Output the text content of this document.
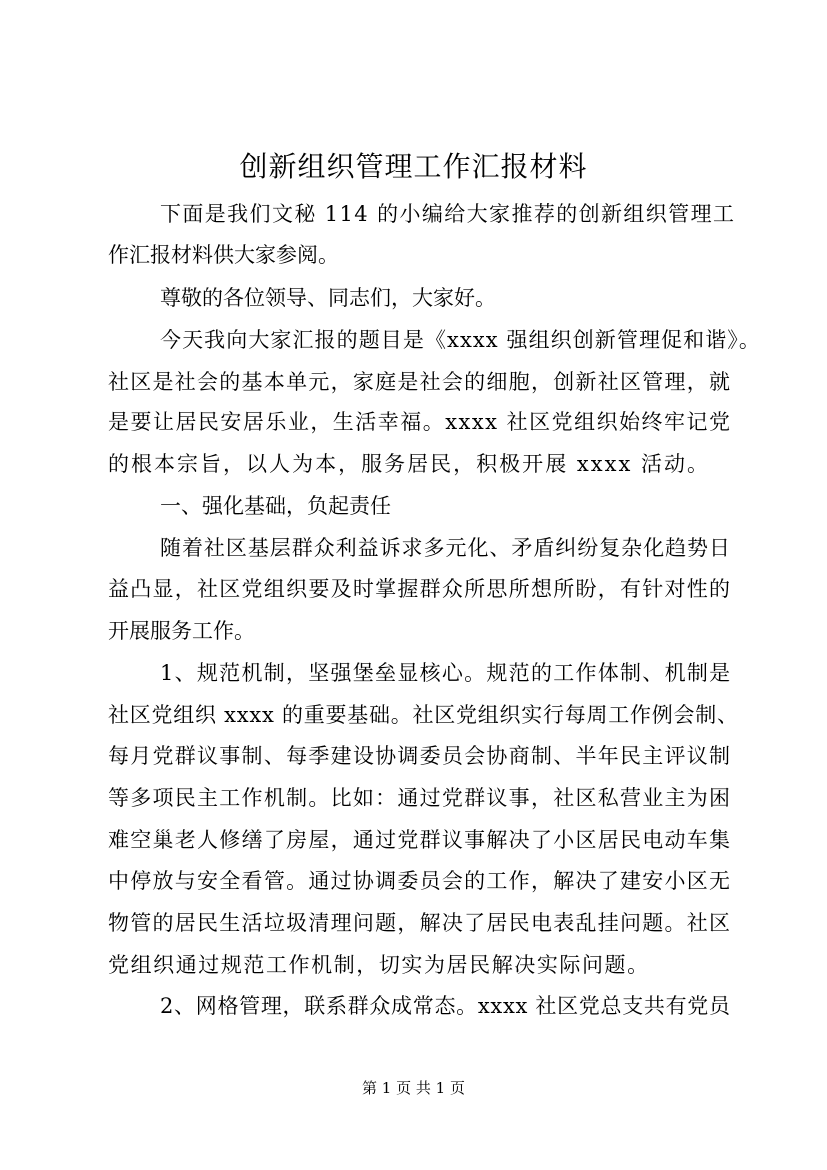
创新组织管理工作汇报材料
下面是我们文秘 114 的小编给大家推荐的创新组织管理工
作汇报材料供大家参阅。
尊敬的各位领导、同志们，大家好。
今天我向大家汇报的题目是《xxxx 强组织创新管理促和谐》。
社区是社会的基本单元，家庭是社会的细胞，创新社区管理，就
是要让居民安居乐业，生活幸福。xxxx 社区党组织始终牢记党
的根本宗旨，以人为本，服务居民，积极开展 xxxx 活动。
一、强化基础，负起责任
随着社区基层群众利益诉求多元化、矛盾纠纷复杂化趋势日
益凸显，社区党组织要及时掌握群众所思所想所盼，有针对性的
开展服务工作。
1、规范机制，坚强堡垒显核心。规范的工作体制、机制是
社区党组织 xxxx 的重要基础。社区党组织实行每周工作例会制、
每月党群议事制、每季建设协调委员会协商制、半年民主评议制
等多项民主工作机制。比如：通过党群议事，社区私营业主为困
难空巢老人修缮了房屋，通过党群议事解决了小区居民电动车集
中停放与安全看管。通过协调委员会的工作，解决了建安小区无
物管的居民生活垃圾清理问题，解决了居民电表乱挂问题。社区
党组织通过规范工作机制，切实为居民解决实际问题。
2、网格管理，联系群众成常态。xxxx 社区党总支共有党员
第 1 页 共 1 页
